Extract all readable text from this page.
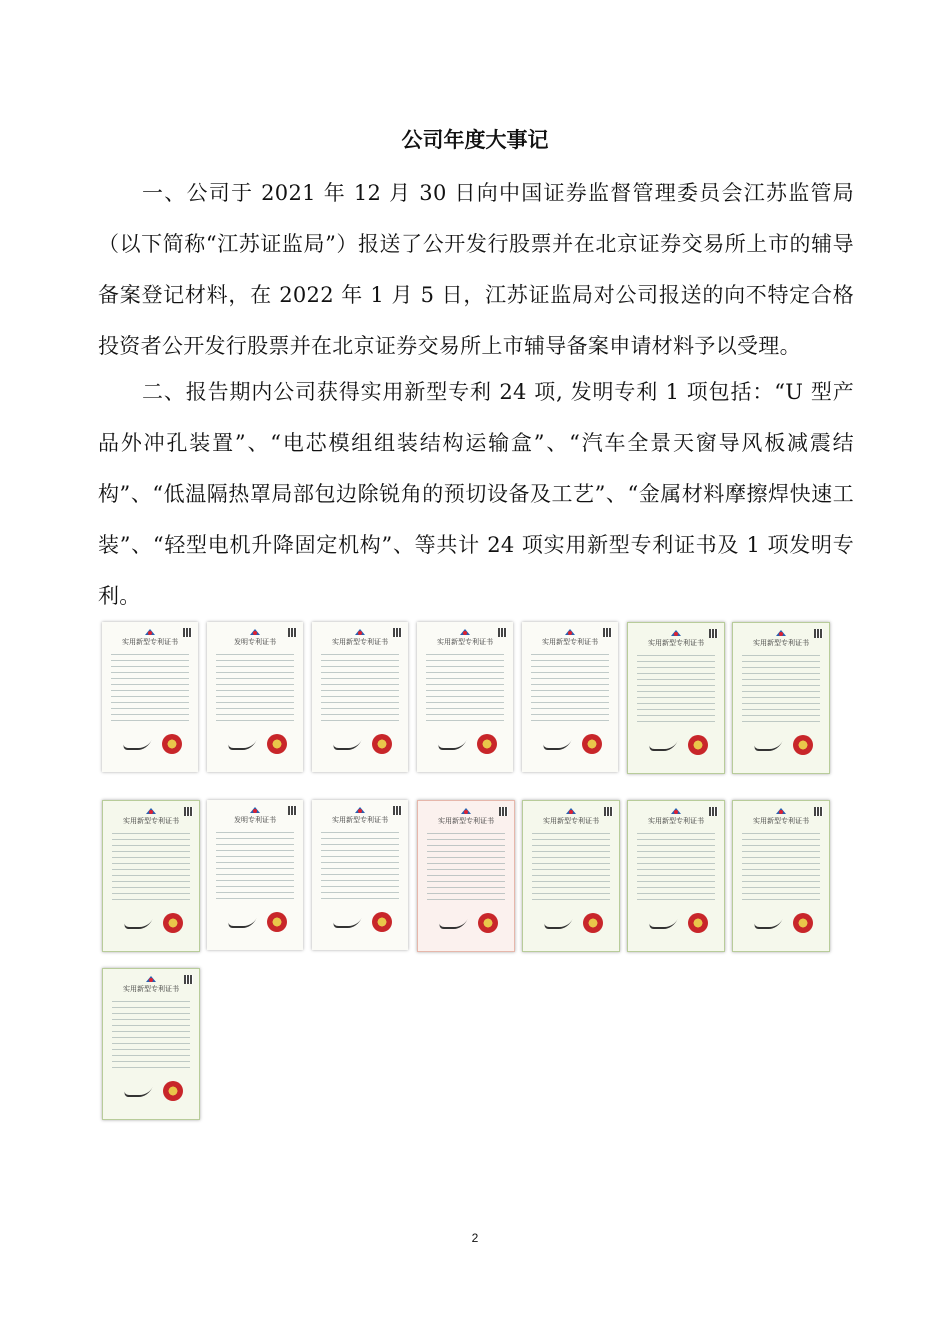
公司年度大事记

一、公司于 2021 年 12 月 30 日向中国证券监督管理委员会江苏监管局（以下简称“江苏证监局”）报送了公开发行股票并在北京证券交易所上市的辅导备案登记材料，在 2022 年 1 月 5 日，江苏证监局对公司报送的向不特定合格投资者公开发行股票并在北京证券交易所上市辅导备案申请材料予以受理。

二、报告期内公司获得实用新型专利 24 项, 发明专利 1 项包括：“U 型产品外冲孔装置”、“电芯模组组装结构运输盒”、“汽车全景天窗导风板减震结构”、“低温隔热罩局部包边除锐角的预切设备及工艺”、“金属材料摩擦焊快速工装”、“轻型电机升降固定机构”、等共计 24 项实用新型专利证书及 1 项发明专利。

实用新型专利证书	发明专利证书	实用新型专利证书	实用新型专利证书	实用新型专利证书	实用新型专利证书	实用新型专利证书
实用新型专利证书	发明专利证书	实用新型专利证书	实用新型专利证书	实用新型专利证书	实用新型专利证书	实用新型专利证书
实用新型专利证书
2
